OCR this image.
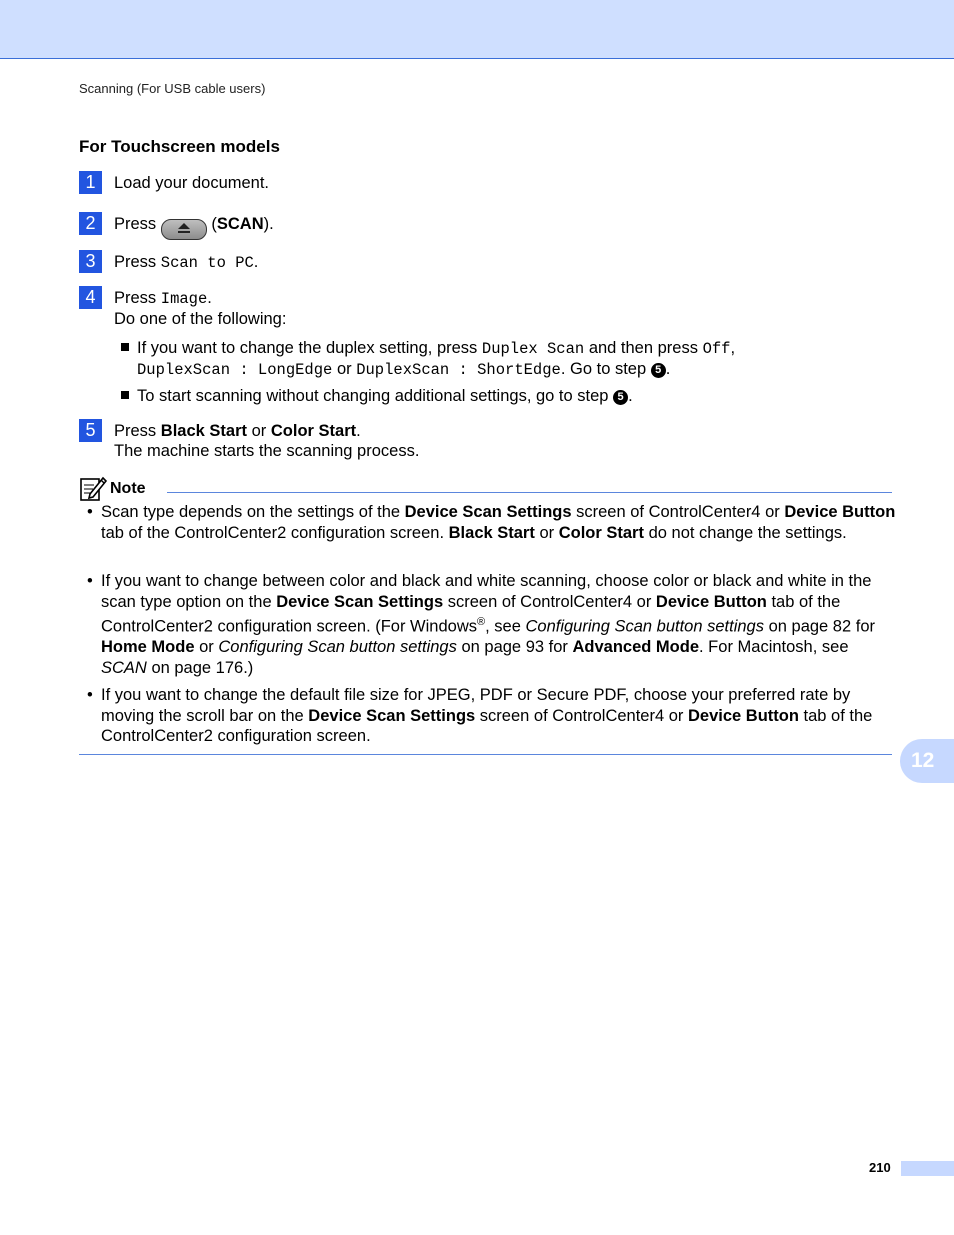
Scanning (For USB cable users)
For Touchscreen models
1	Load your document.
2	Press	(SCAN).
3	Press Scan to PC.
4	Press Image.
Do one of the following:
If you want to change the duplex setting, press Duplex Scan and then press Off,
DuplexScan : LongEdge or DuplexScan : ShortEdge. Go to step 5 .
To start scanning without changing additional settings, go to step 5 .
5	Press Black Start or Color Start.
The machine starts the scanning process.
Note
• Scan type depends on the settings of the Device Scan Settings screen of ControlCenter4 or Device Button tab of the ControlCenter2 configuration screen. Black Start or Color Start do not change the settings.
• If you want to change between color and black and white scanning, choose color or black and white in the scan type option on the Device Scan Settings screen of ControlCenter4 or Device Button tab of the ControlCenter2 configuration screen. (For Windows®, see Configuring Scan button settings on page 82 for Home Mode or Configuring Scan button settings on page 93 for Advanced Mode. For Macintosh, see SCAN on page 176.)
• If you want to change the default file size for JPEG, PDF or Secure PDF, choose your preferred rate by moving the scroll bar on the Device Scan Settings screen of ControlCenter4 or Device Button tab of the ControlCenter2 configuration screen.
12
210
